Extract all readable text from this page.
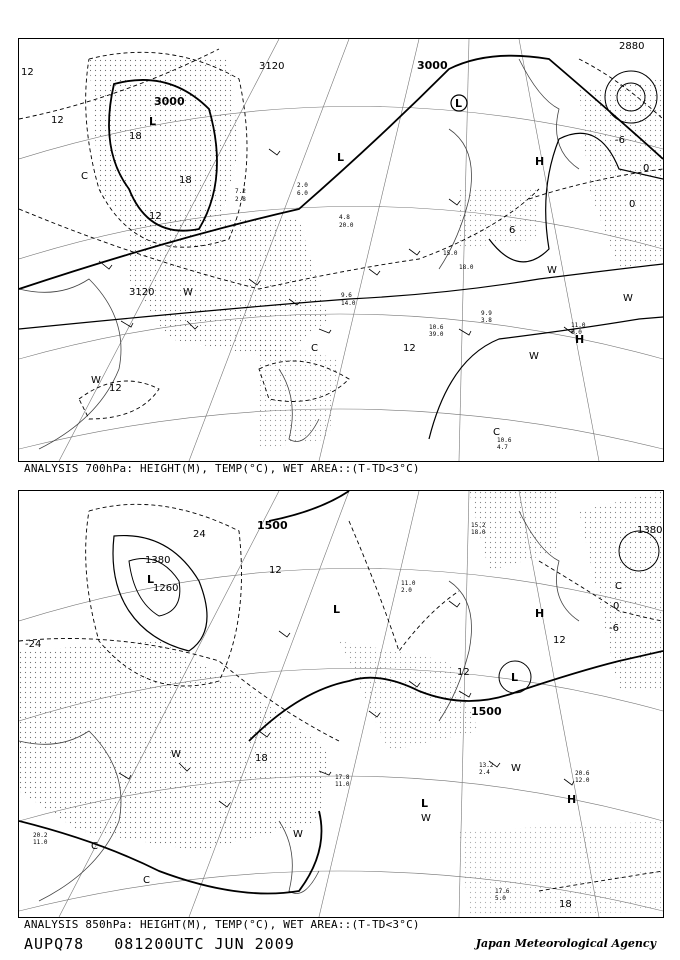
3000
3120	3000
3120
2880
12
12
12
18
18
12
-6
0
6
0
12
L
L
L
H
H
C
C
C
W
W
W
W
W
10.6
39.0
11.0
6.0
9.9
3.8
10.6
4.7
15.0
18.0
4.8
20.0
9.6
14.0
2.0
6.0
7.2
2.8
ANALYSIS 700hPa: HEIGHT(M), TEMP(°C), WET AREA::(T-TD<3°C)
1500	1380
1260
1500
1380
-24
24
12
18
12
-6
0
C
18
12
L
L
L
H
H
C
C
W
W
W
L
W
20.2
11.0
17.6
5.0
20.6
12.0
13.2
2.4
17.8
11.0
15.2
18.0
11.0
2.0
ANALYSIS 850hPa: HEIGHT(M), TEMP(°C), WET AREA::(T-TD<3°C)
AUPQ78 081200UTC JUN 2009	Japan Meteorological Agency
